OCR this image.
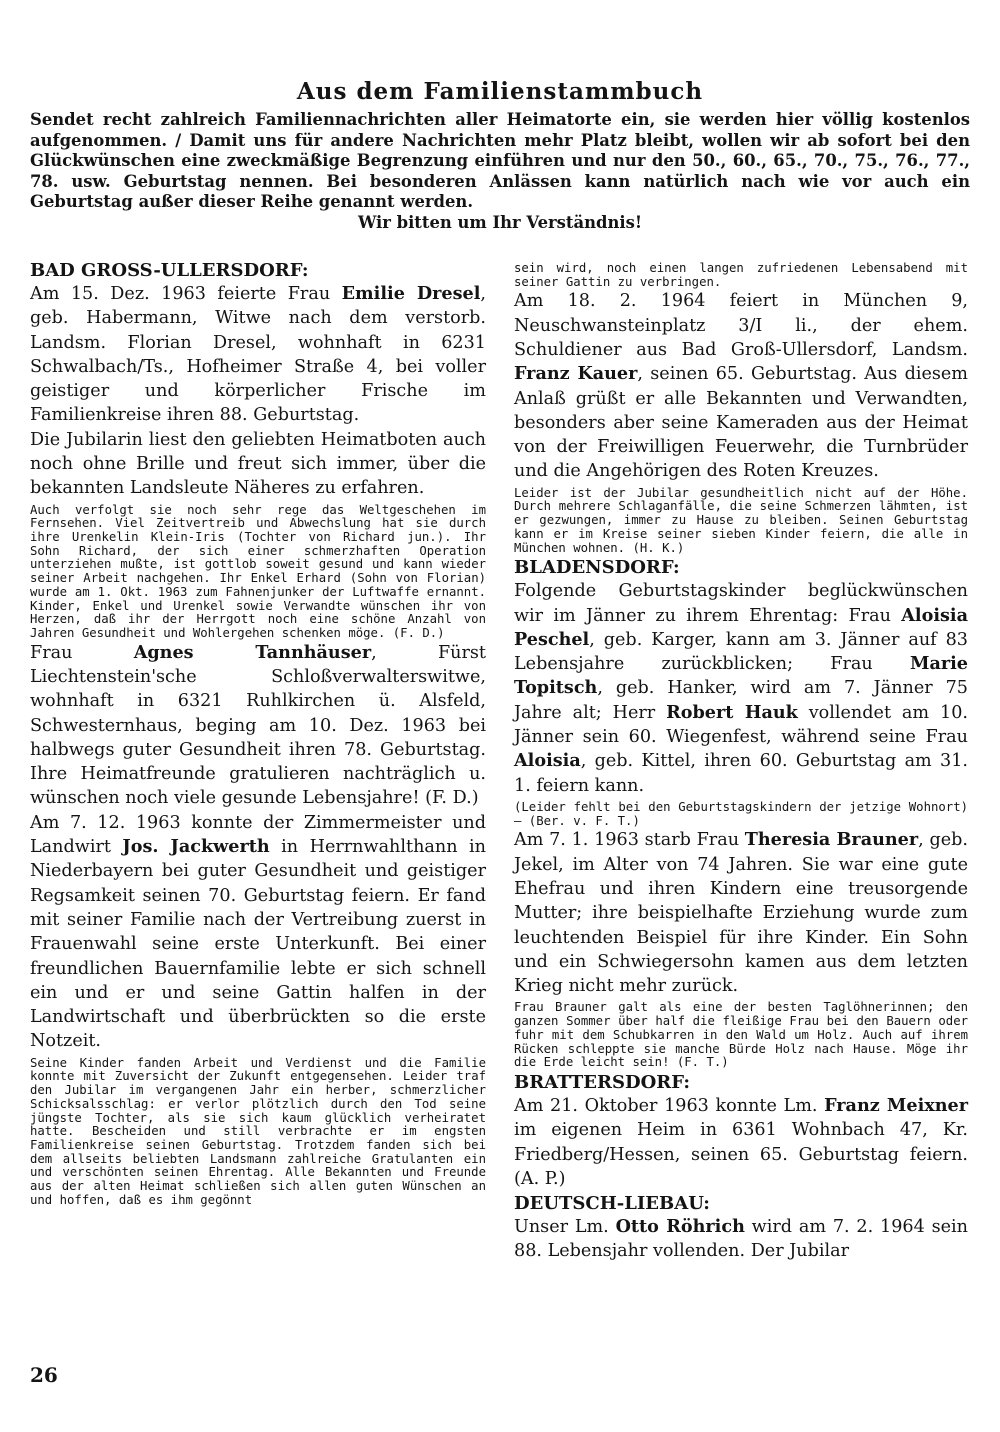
Aus dem Familienstammbuch
Sendet recht zahlreich Familiennachrichten aller Heimatorte ein, sie werden hier völlig kostenlos aufgenommen. / Damit uns für andere Nachrichten mehr Platz bleibt, wollen wir ab sofort bei den Glückwünschen eine zweckmäßige Begrenzung einführen und nur den 50., 60., 65., 70., 75., 76., 77., 78. usw. Geburtstag nennen. Bei besonderen Anlässen kann natürlich nach wie vor auch ein Geburtstag außer dieser Reihe genannt werden.
Wir bitten um Ihr Verständnis!
BAD GROSS-ULLERSDORF:

Am 15. Dez. 1963 feierte Frau Emilie Dresel, geb. Habermann, Witwe nach dem verstorb. Landsm. Florian Dresel, wohnhaft in 6231 Schwalbach/Ts., Hofheimer Straße 4, bei voller geistiger und körperlicher Frische im Familienkreise ihren 88. Geburtstag.

Die Jubilarin liest den geliebten Heimatboten auch noch ohne Brille und freut sich immer, über die bekannten Landsleute Näheres zu erfahren.

Auch verfolgt sie noch sehr rege das Weltgeschehen im Fernsehen. Viel Zeitvertreib und Abwechslung hat sie durch ihre Urenkelin Klein-Iris (Tochter von Richard jun.). Ihr Sohn Richard, der sich einer schmerzhaften Operation unterziehen mußte, ist gottlob soweit gesund und kann wieder seiner Arbeit nachgehen. Ihr Enkel Erhard (Sohn von Florian) wurde am 1. Okt. 1963 zum Fahnenjunker der Luftwaffe ernannt. Kinder, Enkel und Urenkel sowie Verwandte wünschen ihr von Herzen, daß ihr der Herrgott noch eine schöne Anzahl von Jahren Gesundheit und Wohlergehen schenken möge. (F. D.)

Frau Agnes Tannhäuser, Fürst Liechtenstein'sche Schloßverwalterswitwe, wohnhaft in 6321 Ruhlkirchen ü. Alsfeld, Schwesternhaus, beging am 10. Dez. 1963 bei halbwegs guter Gesundheit ihren 78. Geburtstag. Ihre Heimatfreunde gratulieren nachträglich u. wünschen noch viele gesunde Lebensjahre! (F. D.)

Am 7. 12. 1963 konnte der Zimmermeister und Landwirt Jos. Jackwerth in Herrnwahlthann in Niederbayern bei guter Gesundheit und geistiger Regsamkeit seinen 70. Geburtstag feiern. Er fand mit seiner Familie nach der Vertreibung zuerst in Frauenwahl seine erste Unterkunft. Bei einer freundlichen Bauernfamilie lebte er sich schnell ein und er und seine Gattin halfen in der Landwirtschaft und überbrückten so die erste Notzeit.

Seine Kinder fanden Arbeit und Verdienst und die Familie konnte mit Zuversicht der Zukunft entgegensehen. Leider traf den Jubilar im vergangenen Jahr ein herber, schmerzlicher Schicksalsschlag: er verlor plötzlich durch den Tod seine jüngste Tochter, als sie sich kaum glücklich verheiratet hatte. Bescheiden und still verbrachte er im engsten Familienkreise seinen Geburtstag. Trotzdem fanden sich bei dem allseits beliebten Landsmann zahlreiche Gratulanten ein und verschönten seinen Ehrentag. Alle Bekannten und Freunde aus der alten Heimat schließen sich allen guten Wünschen an und hoffen, daß es ihm gegönnt

sein wird, noch einen langen zufriedenen Lebensabend mit seiner Gattin zu verbringen.

Am 18. 2. 1964 feiert in München 9, Neuschwansteinplatz 3/I li., der ehem. Schuldiener aus Bad Groß-Ullersdorf, Landsm. Franz Kauer, seinen 65. Geburtstag. Aus diesem Anlaß grüßt er alle Bekannten und Verwandten, besonders aber seine Kameraden aus der Heimat von der Freiwilligen Feuerwehr, die Turnbrüder und die Angehörigen des Roten Kreuzes.

Leider ist der Jubilar gesundheitlich nicht auf der Höhe. Durch mehrere Schlaganfälle, die seine Schmerzen lähmten, ist er gezwungen, immer zu Hause zu bleiben. Seinen Geburtstag kann er im Kreise seiner sieben Kinder feiern, die alle in München wohnen. (H. K.)

BLADENSDORF:

Folgende Geburtstagskinder beglückwünschen wir im Jänner zu ihrem Ehrentag: Frau Aloisia Peschel, geb. Karger, kann am 3. Jänner auf 83 Lebensjahre zurückblicken; Frau Marie Topitsch, geb. Hanker, wird am 7. Jänner 75 Jahre alt; Herr Robert Hauk vollendet am 10. Jänner sein 60. Wiegenfest, während seine Frau Aloisia, geb. Kittel, ihren 60. Geburtstag am 31. 1. feiern kann.

(Leider fehlt bei den Geburtstagskindern der jetzige Wohnort) — (Ber. v. F. T.)

Am 7. 1. 1963 starb Frau Theresia Brauner, geb. Jekel, im Alter von 74 Jahren. Sie war eine gute Ehefrau und ihren Kindern eine treusorgende Mutter; ihre beispielhafte Erziehung wurde zum leuchtenden Beispiel für ihre Kinder. Ein Sohn und ein Schwiegersohn kamen aus dem letzten Krieg nicht mehr zurück.

Frau Brauner galt als eine der besten Taglöhnerinnen; den ganzen Sommer über half die fleißige Frau bei den Bauern oder fuhr mit dem Schubkarren in den Wald um Holz. Auch auf ihrem Rücken schleppte sie manche Bürde Holz nach Hause. Möge ihr die Erde leicht sein! (F. T.)

BRATTERSDORF:

Am 21. Oktober 1963 konnte Lm. Franz Meixner im eigenen Heim in 6361 Wohnbach 47, Kr. Friedberg/Hessen, seinen 65. Geburtstag feiern. (A. P.)

DEUTSCH-LIEBAU:

Unser Lm. Otto Röhrich wird am 7. 2. 1964 sein 88. Lebensjahr vollenden. Der Jubilar

26
